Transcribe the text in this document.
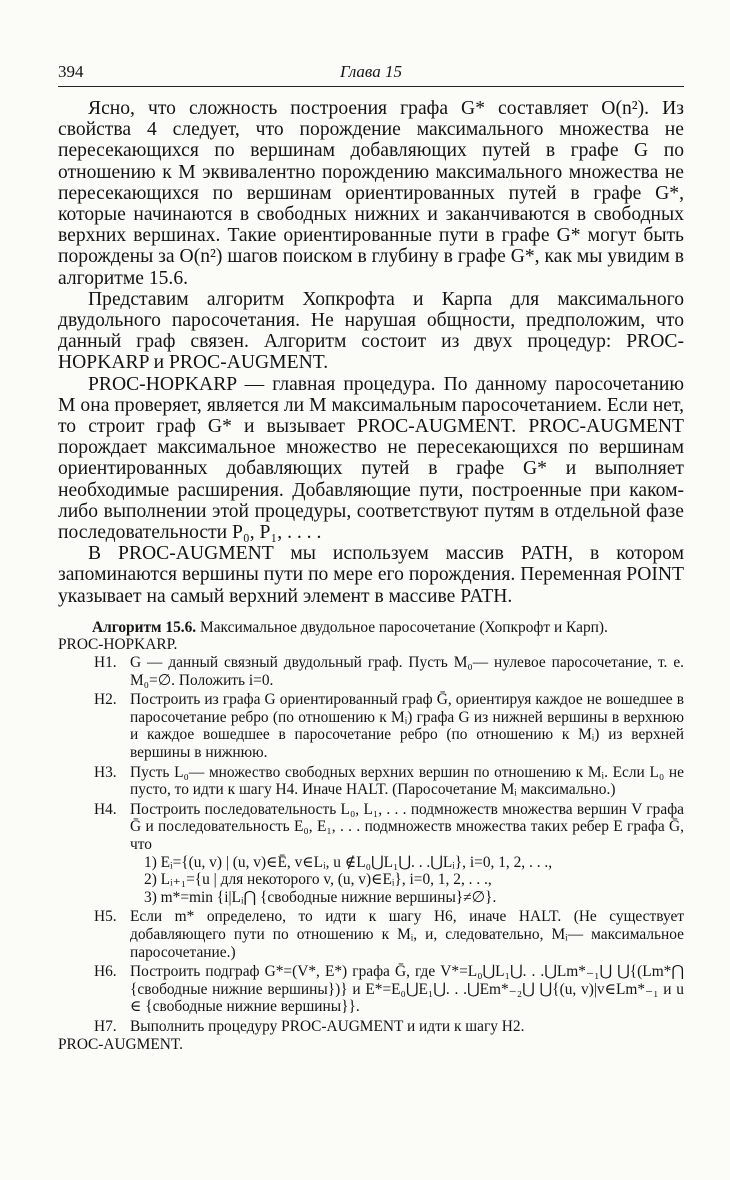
394	Глава 15

Ясно, что сложность построения графа G* составляет O(n²). Из свойства 4 следует, что порождение максимального множества не пересекающихся по вершинам добавляющих путей в графе G по отношению к M эквивалентно порождению максимального множества не пересекающихся по вершинам ориентированных путей в графе G*, которые начинаются в свободных нижних и заканчиваются в свободных верхних вершинах. Такие ориентированные пути в графе G* могут быть порождены за O(n²) шагов поиском в глубину в графе G*, как мы увидим в алгоритме 15.6.

Представим алгоритм Хопкрофта и Карпа для максимального двудольного паросочетания. Не нарушая общности, предположим, что данный граф связен. Алгоритм состоит из двух процедур: PROC-HOPKARP и PROC-AUGMENT.

PROC-HOPKARP — главная процедура. По данному паросочетанию M она проверяет, является ли M максимальным паросочетанием. Если нет, то строит граф G* и вызывает PROC-AUGMENT. PROC-AUGMENT порождает максимальное множество не пересекающихся по вершинам ориентированных добавляющих путей в графе G* и выполняет необходимые расширения. Добавляющие пути, построенные при каком-либо выполнении этой процедуры, соответствуют путям в отдельной фазе последовательности P₀, P₁, . . . .

В PROC-AUGMENT мы используем массив PATH, в котором запоминаются вершины пути по мере его порождения. Переменная POINT указывает на самый верхний элемент в массиве PATH.

Алгоритм 15.6. Максимальное двудольное паросочетание (Хопкрофт и Карп).

PROC-HOPKARP.

H1. G — данный связный двудольный граф. Пусть M₀— нулевое паросочетание, т. е. M₀=∅. Положить i=0.
H2. Построить из графа G ориентированный граф Ḡ, ориентируя каждое не вошедшее в паросочетание ребро (по отношению к Mᵢ) графа G из нижней вершины в верхнюю и каждое вошедшее в паросочетание ребро (по отношению к Mᵢ) из верхней вершины в нижнюю.
H3. Пусть L₀— множество свободных верхних вершин по отношению к Mᵢ. Если L₀ не пусто, то идти к шагу H4. Иначе HALT. (Паросочетание Mᵢ максимально.)
H4. Построить последовательность L₀, L₁, . . . подмножеств множества вершин V графа Ḡ и последовательность E₀, E₁, . . . подмножеств множества таких ребер E графа Ḡ, что

1) Eᵢ={(u, v) | (u, v)∈Ē, v∈Lᵢ, u ∉L₀⋃L₁⋃. . .⋃Lᵢ}, i=0, 1, 2, . . .,

2) Lᵢ₊₁={u | для некоторого v, (u, v)∈Eᵢ}, i=0, 1, 2, . . .,

3) m*=min {i|Lᵢ⋂ {свободные нижние вершины}≠∅}.

H5. Если m* определено, то идти к шагу H6, иначе HALT. (Не существует добавляющего пути по отношению к Mᵢ, и, следовательно, Mᵢ— максимальное паросочетание.)
H6. Построить подграф G*=(V*, E*) графа Ḡ, где V*=L₀⋃L₁⋃. . .⋃Lm*₋₁⋃ ⋃{(Lm*⋂ {свободные нижние вершины})} и E*=E₀⋃E₁⋃. . .⋃Em*₋₂⋃ ⋃{(u, v)|v∈Lm*₋₁ и u ∈ {свободные нижние вершины}}.
H7. Выполнить процедуру PROC-AUGMENT и идти к шагу H2.

PROC-AUGMENT.
